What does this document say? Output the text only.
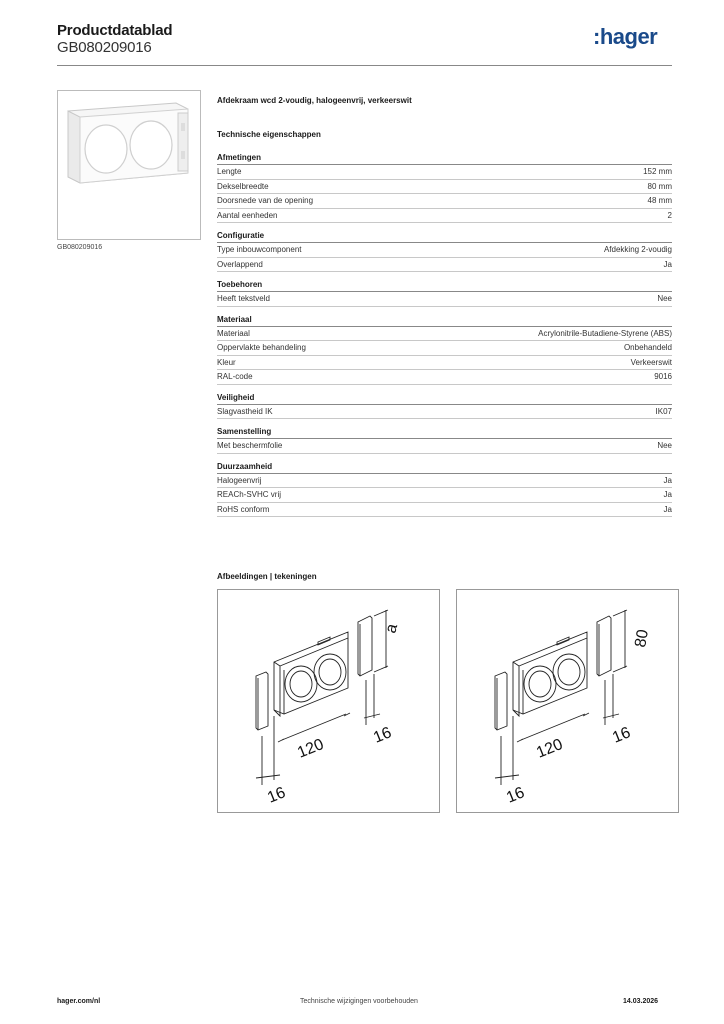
Productdatablad
GB080209016	:hager
GB080209016
Afdekraam wcd 2-voudig, halogeenvrij, verkeerswit
Technische eigenschappen
Afmetingen
Lengte	152 mm
Dekselbreedte	80 mm
Doorsnede van de opening	48 mm
Aantal eenheden	2
Configuratie
Type inbouwcomponent	Afdekking 2-voudig
Overlappend	Ja
Toebehoren
Heeft tekstveld	Nee
Materiaal
Materiaal	Acrylonitrile-Butadiene-Styrene (ABS)
Oppervlakte behandeling	Onbehandeld
Kleur	Verkeerswit
RAL-code	9016
Veiligheid
Slagvastheid IK	IK07
Samenstelling
Met beschermfolie	Nee
Duurzaamheid
Halogeenvrij	Ja
REACh-SVHC vrij	Ja
RoHS conform	Ja
Afbeeldingen | tekeningen
a
120
16
16
80
120
16
16
hager.com/nl	Technische wijzigingen voorbehouden	14.03.2026
